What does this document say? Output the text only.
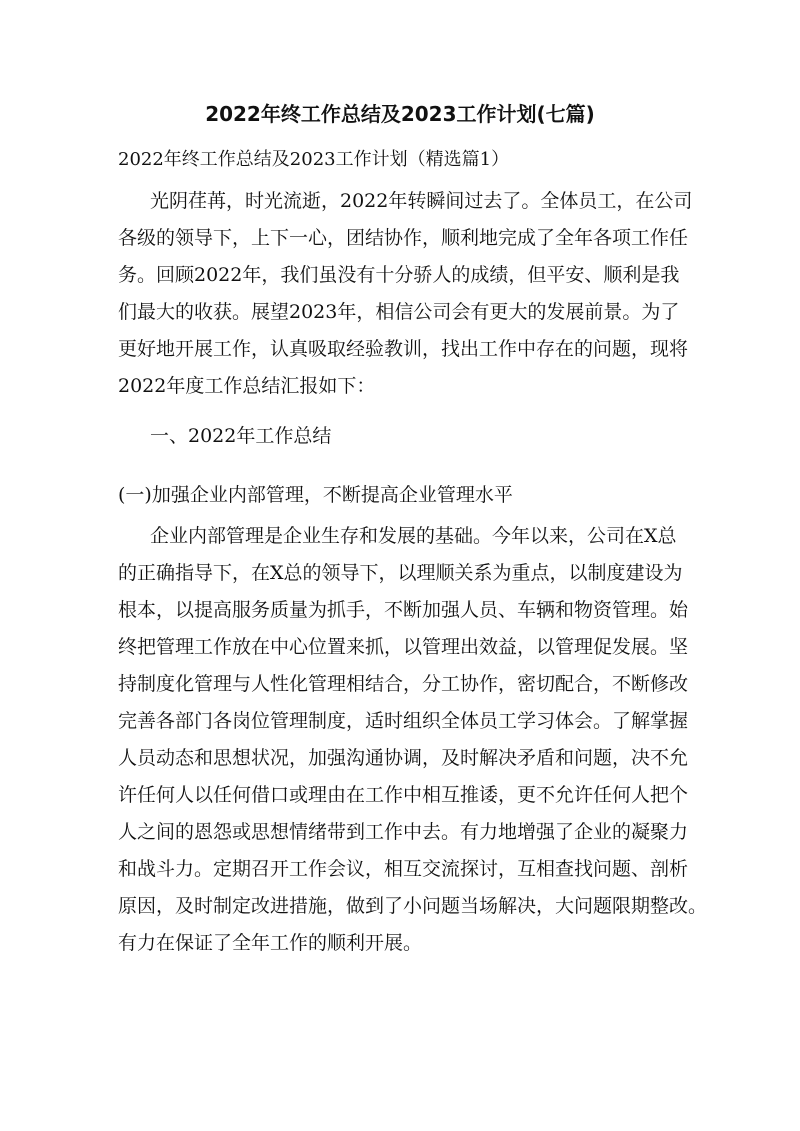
2022年终工作总结及2023工作计划(七篇)
2022年终工作总结及2023工作计划（精选篇1）
光阴荏苒，时光流逝，2022年转瞬间过去了。全体员工，在公司
各级的领导下，上下一心，团结协作，顺利地完成了全年各项工作任
务。回顾2022年，我们虽没有十分骄人的成绩，但平安、顺利是我
们最大的收获。展望2023年，相信公司会有更大的发展前景。为了
更好地开展工作，认真吸取经验教训，找出工作中存在的问题，现将
2022年度工作总结汇报如下：
一、2022年工作总结
(一)加强企业内部管理，不断提高企业管理水平
企业内部管理是企业生存和发展的基础。今年以来，公司在X总
的正确指导下，在X总的领导下，以理顺关系为重点，以制度建设为
根本，以提高服务质量为抓手，不断加强人员、车辆和物资管理。始
终把管理工作放在中心位置来抓，以管理出效益，以管理促发展。坚
持制度化管理与人性化管理相结合，分工协作，密切配合，不断修改
完善各部门各岗位管理制度，适时组织全体员工学习体会。了解掌握
人员动态和思想状况，加强沟通协调，及时解决矛盾和问题，决不允
许任何人以任何借口或理由在工作中相互推诿，更不允许任何人把个
人之间的恩怨或思想情绪带到工作中去。有力地增强了企业的凝聚力
和战斗力。定期召开工作会议，相互交流探讨，互相查找问题、剖析
原因，及时制定改进措施，做到了小问题当场解决，大问题限期整改。
有力在保证了全年工作的顺利开展。
